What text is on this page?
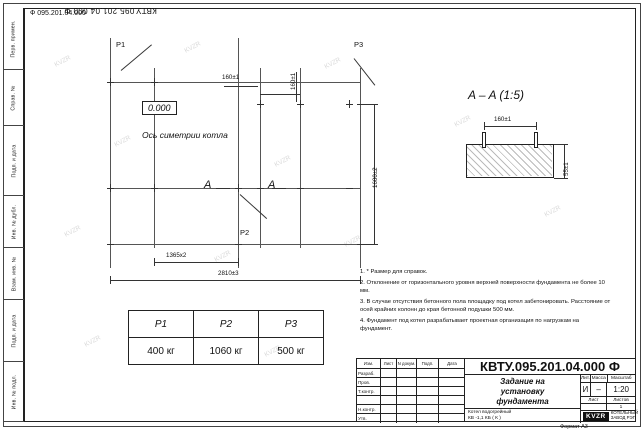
Перв. примен.
Справ. №
Подп. и дата
Инв. № дубл.
Взам. инв. №
Подп. и дата
Инв. № подл.
КВТУ.095.201.04.000 Ф
Ф 095.201.04.000
KVZR
KVZR
KVZR
KVZR
KVZR
KVZR
KVZR
KVZR
KVZR
KVZR
KVZR
KVZR
P1
P2
P3
0.000
Ось симетрии котла
A	A
160±1	160±1
1600±2
1365x2
2810±3
A – A (1:5)
160±1
55±1

1. * Размер для справок.

2. Отклонение от горизонтального уровня верхней поверхности фундамента не более 10 мм.

3. В случае отсутствия бетонного пола площадку под котел забетонировать. Расстояние от осей крайних колонн до края бетонной подушки 500 мм.

4. Фундамент под котел разрабатывает проектная организация по нагрузкам на фундамент.

P1	P2	P3
400 кг	1060 кг	500 кг
Изм.	Лист N докум.	Подп.	Дата
Разраб.
Пров.
Т.контр.
Н.контр.
Утв.
КВТУ.095.201.04.000 Ф
Задание на
установку
фундамента
Котел водогрейный
КВ -1,1 КБ ( К )
Лит. Масса	Масштаб
И	–	1:20
Лист	Листов
1
KVZR	КОТЕЛЬНЫЙ
ЗАВОД РЭП
Формат А3
